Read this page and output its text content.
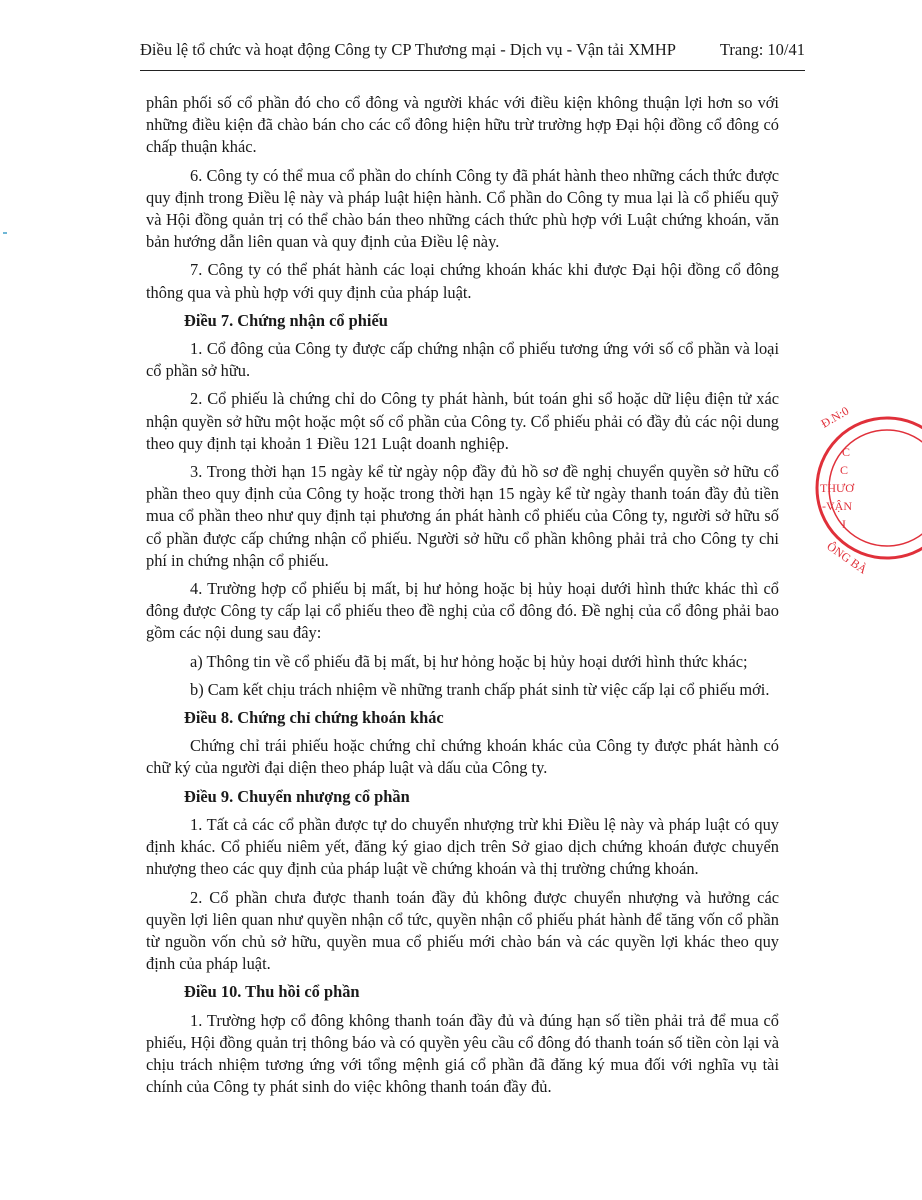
Điều lệ tổ chức và hoạt động Công ty CP Thương mại - Dịch vụ - Vận tải XMHP	Trang: 10/41

phân phối số cổ phần đó cho cổ đông và người khác với điều kiện không thuận lợi hơn so với những điều kiện đã chào bán cho các cổ đông hiện hữu trừ trường hợp Đại hội đồng cổ đông có chấp thuận khác.

6. Công ty có thể mua cổ phần do chính Công ty đã phát hành theo những cách thức được quy định trong Điều lệ này và pháp luật hiện hành. Cổ phần do Công ty mua lại là cổ phiếu quỹ và Hội đồng quản trị có thể chào bán theo những cách thức phù hợp với Luật chứng khoán, văn bản hướng dẫn liên quan và quy định của Điều lệ này.

7. Công ty có thể phát hành các loại chứng khoán khác khi được Đại hội đồng cổ đông thông qua và phù hợp với quy định của pháp luật.

Điều 7. Chứng nhận cổ phiếu

1. Cổ đông của Công ty được cấp chứng nhận cổ phiếu tương ứng với số cổ phần và loại cổ phần sở hữu.

2. Cổ phiếu là chứng chỉ do Công ty phát hành, bút toán ghi sổ hoặc dữ liệu điện tử xác nhận quyền sở hữu một hoặc một số cổ phần của Công ty. Cổ phiếu phải có đầy đủ các nội dung theo quy định tại khoản 1 Điều 121 Luật doanh nghiệp.

3. Trong thời hạn 15 ngày kể từ ngày nộp đầy đủ hồ sơ đề nghị chuyển quyền sở hữu cổ phần theo quy định của Công ty hoặc trong thời hạn 15 ngày kể từ ngày thanh toán đầy đủ tiền mua cổ phần theo như quy định tại phương án phát hành cổ phiếu của Công ty, người sở hữu số cổ phần được cấp chứng nhận cổ phiếu. Người sở hữu cổ phần không phải trả cho Công ty chi phí in chứng nhận cổ phiếu.

4. Trường hợp cổ phiếu bị mất, bị hư hỏng hoặc bị hủy hoại dưới hình thức khác thì cổ đông được Công ty cấp lại cổ phiếu theo đề nghị của cổ đông đó. Đề nghị của cổ đông phải bao gồm các nội dung sau đây:

a) Thông tin về cổ phiếu đã bị mất, bị hư hỏng hoặc bị hủy hoại dưới hình thức khác;

b) Cam kết chịu trách nhiệm về những tranh chấp phát sinh từ việc cấp lại cổ phiếu mới.

Điều 8. Chứng chỉ chứng khoán khác

Chứng chỉ trái phiếu hoặc chứng chỉ chứng khoán khác của Công ty được phát hành có chữ ký của người đại diện theo pháp luật và dấu của Công ty.

Điều 9. Chuyển nhượng cổ phần

1. Tất cả các cổ phần được tự do chuyển nhượng trừ khi Điều lệ này và pháp luật có quy định khác. Cổ phiếu niêm yết, đăng ký giao dịch trên Sở giao dịch chứng khoán được chuyển nhượng theo các quy định của pháp luật về chứng khoán và thị trường chứng khoán.

2. Cổ phần chưa được thanh toán đầy đủ không được chuyển nhượng và hưởng các quyền lợi liên quan như quyền nhận cổ tức, quyền nhận cổ phiếu phát hành để tăng vốn cổ phần từ nguồn vốn chủ sở hữu, quyền mua cổ phiếu mới chào bán và các quyền lợi khác theo quy định của pháp luật.

Điều 10. Thu hồi cổ phần

1. Trường hợp cổ đông không thanh toán đầy đủ và đúng hạn số tiền phải trả để mua cổ phiếu, Hội đồng quản trị thông báo và có quyền yêu cầu cổ đông đó thanh toán số tiền còn lại và chịu trách nhiệm tương ứng với tổng mệnh giá cổ phần đã đăng ký mua đối với nghĩa vụ tài chính của Công ty phát sinh do việc không thanh toán đầy đủ.

Đ.N:0
C
C
THƯƠ
-VẬN
I
ÔNG BÀ
